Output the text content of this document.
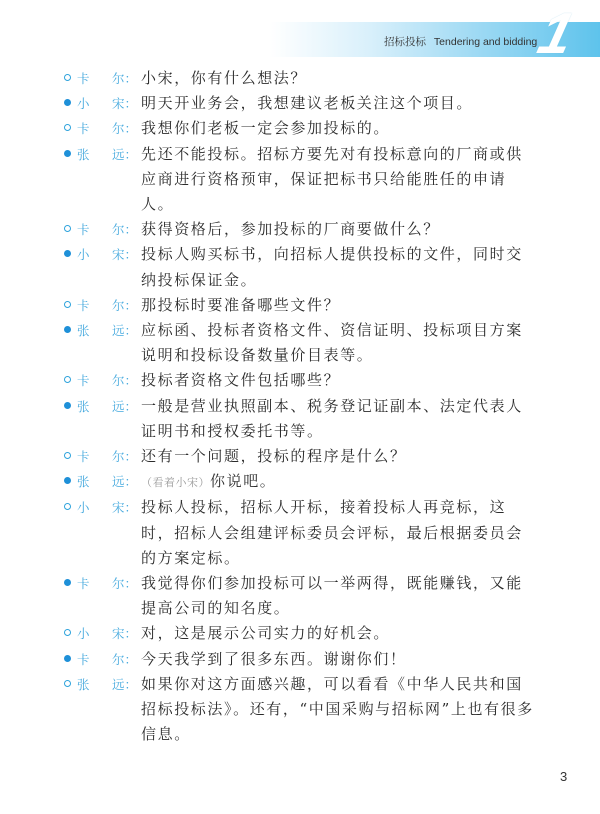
招标投标 Tendering and bidding
1
卡 尔 ： 小宋，你有什么想法？
小 宋 ： 明天开业务会，我想建议老板关注这个项目。
卡 尔 ： 我想你们老板一定会参加投标的。
张 远 ： 先还不能投标。招标方要先对有投标意向的厂商或供应商进行资格预审，保证把标书只给能胜任的申请人。
卡 尔 ： 获得资格后，参加投标的厂商要做什么？
小 宋 ： 投标人购买标书，向招标人提供投标的文件，同时交纳投标保证金。
卡 尔 ： 那投标时要准备哪些文件？
张 远 ： 应标函、投标者资格文件、资信证明、投标项目方案说明和投标设备数量价目表等。
卡 尔 ： 投标者资格文件包括哪些？
张 远 ： 一般是营业执照副本、税务登记证副本、法定代表人证明书和授权委托书等。
卡 尔 ： 还有一个问题，投标的程序是什么？
张 远 ： （看着小宋）你说吧。
小 宋 ： 投标人投标，招标人开标，接着投标人再竞标，这时，招标人会组建评标委员会评标，最后根据委员会的方案定标。
卡 尔 ： 我觉得你们参加投标可以一举两得，既能赚钱，又能提高公司的知名度。
小 宋 ： 对，这是展示公司实力的好机会。
卡 尔 ： 今天我学到了很多东西。谢谢你们！
张 远 ： 如果你对这方面感兴趣，可以看看《中华人民共和国招标投标法》。还有，“中国采购与招标网”上也有很多信息。
3
